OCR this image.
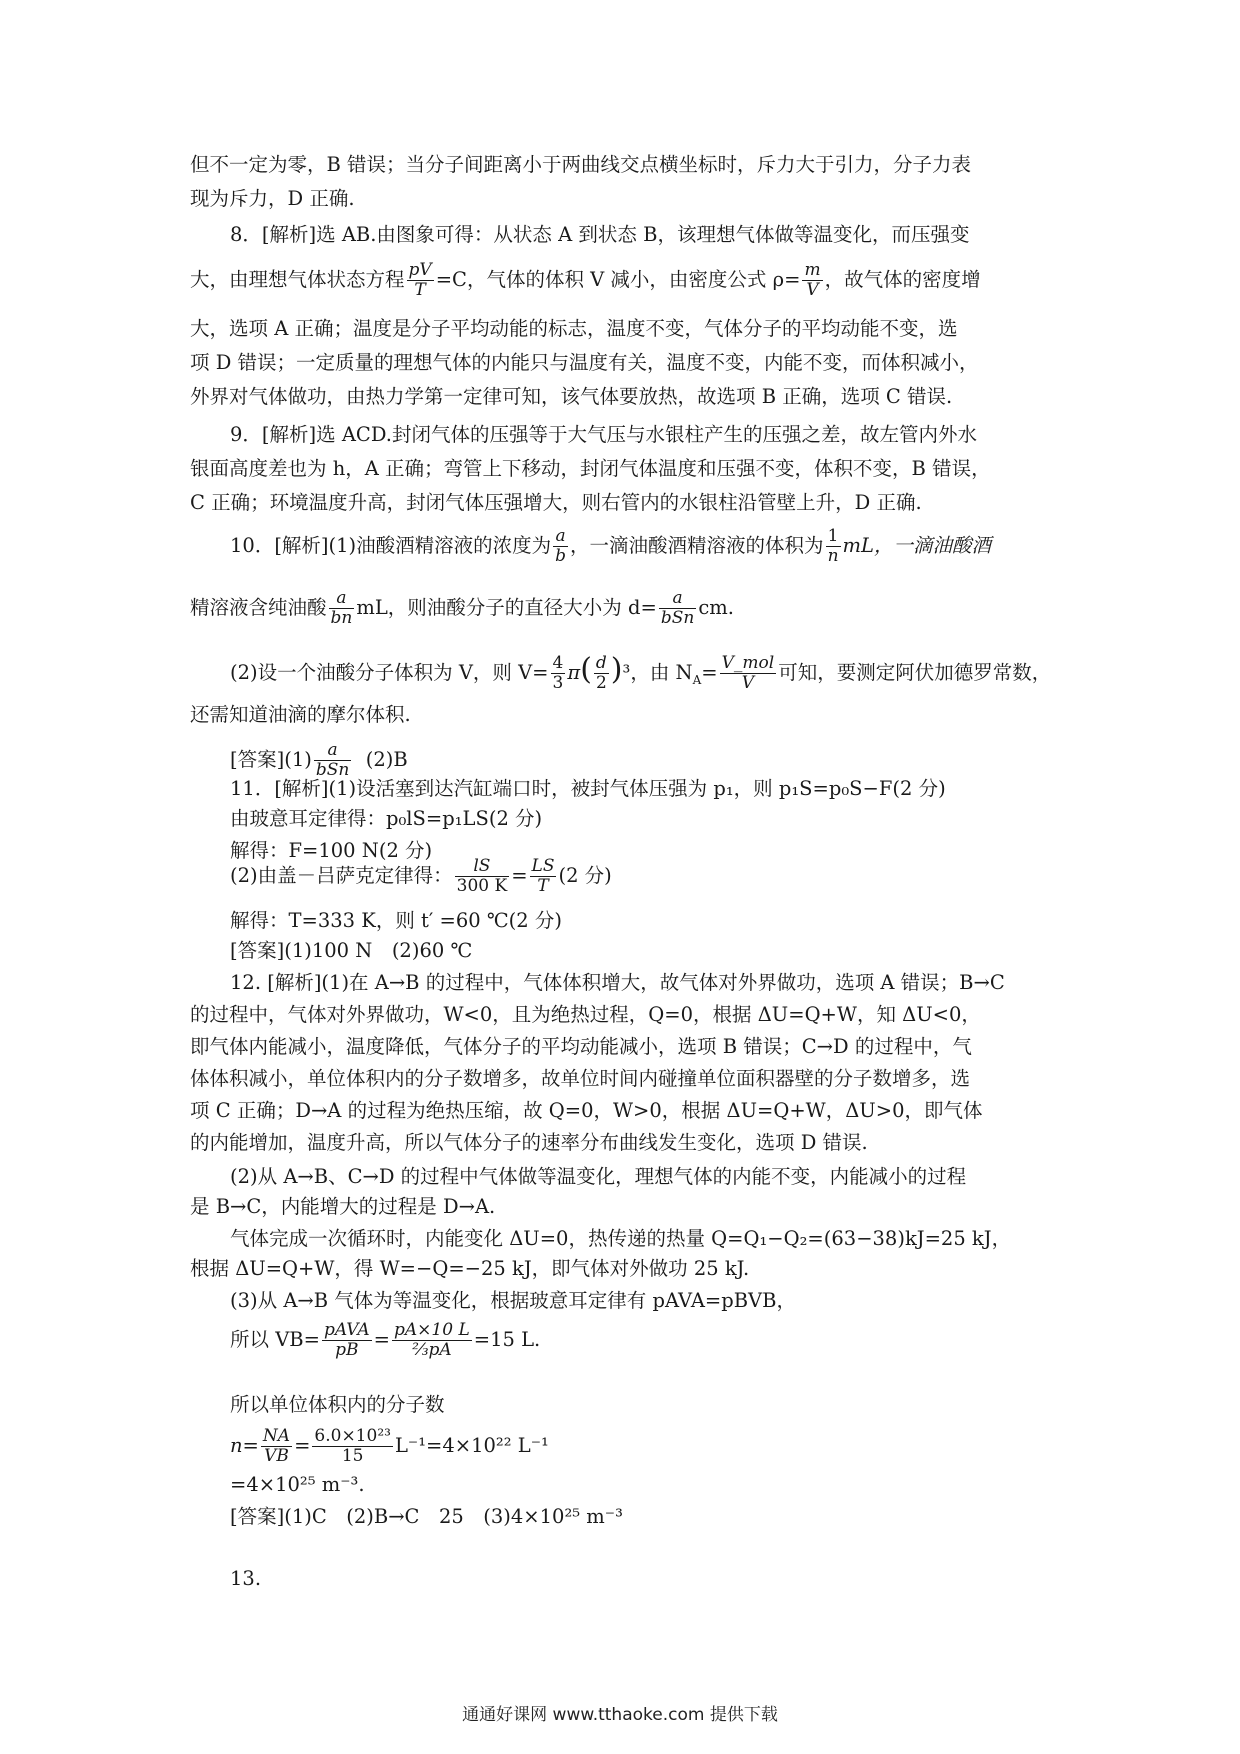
但不一定为零，B 错误；当分子间距离小于两曲线交点横坐标时，斥力大于引力，分子力表
现为斥力，D 正确.
8．[解析]选 AB.由图象可得：从状态 A 到状态 B，该理想气体做等温变化，而压强变
大，由理想气体状态方程 $\frac{pV}{T} =C$，气体的体积 V 减小，由密度公式 $\rho= \frac{m}{V}$ ，故气体的密度增
大，选项 A 正确；温度是分子平均动能的标志，温度不变，气体分子的平均动能不变，选
项 D 错误；一定质量的理想气体的内能只与温度有关，温度不变，内能不变，而体积减小，
外界对气体做功，由热力学第一定律可知，该气体要放热，故选项 B 正确，选项 C 错误.
9．[解析]选 ACD.封闭气体的压强等于大气压与水银柱产生的压强之差，故左管内外水
银面高度差也为 h，A 正确；弯管上下移动，封闭气体温度和压强不变，体积不变，B 错误，
C 正确；环境温度升高，封闭气体压强增大，则右管内的水银柱沿管壁上升，D 正确.
10．[解析](1)油酸酒精溶液的浓度为 $\frac{a}{b}$ ，一滴油酸酒精溶液的体积为 $\frac{1}{n}$ mL，一滴油酸酒
精溶液含纯油酸 $\frac{a}{bn}$ mL，则油酸分子的直径大小为 $d= \frac{a}{\text{bSn}}$ cm.
(2)设一个油酸分子体积为 V，则 $V= \frac{4}{3} \pi( \frac{d}{2} )^3$，由 $N_A= \frac{\text{V\_mol}}{V}$ 可知，要测定阿伏加德罗常数，
还需知道油滴的摩尔体积.
[答案]$(1) \frac{a}{\text{bSn}} (2)B$
11．[解析](1)设活塞到达汽缸端口时，被封气体压强为 p₁，则 p₁S=p₀S−F(2 分)
由玻意耳定律得：p₀lS=p₁LS(2 分)
解得：F=100 N(2 分)
(2)由盖－吕萨克定律得： $\frac{lS}{300 K} = \frac{LS}{T} (2$ 分)
解得：T=333 K，则 t′ =60 ℃(2 分)
[答案](1)100 N　(2)60 ℃
12. [解析](1)在 A→B 的过程中，气体体积增大，故气体对外界做功，选项 A 错误；B→C
的过程中，气体对外界做功，W<0，且为绝热过程，Q=0，根据 ΔU=Q+W，知 ΔU<0，
即气体内能减小，温度降低，气体分子的平均动能减小，选项 B 错误；C→D 的过程中，气
体体积减小，单位体积内的分子数增多，故单位时间内碰撞单位面积器壁的分子数增多，选
项 C 正确；D→A 的过程为绝热压缩，故 Q=0，W>0，根据 ΔU=Q+W，ΔU>0，即气体
的内能增加，温度升高，所以气体分子的速率分布曲线发生变化，选项 D 错误.
(2)从 A→B、C→D 的过程中气体做等温变化，理想气体的内能不变，内能减小的过程
是 B→C，内能增大的过程是 D→A.
气体完成一次循环时，内能变化 ΔU=0，热传递的热量 Q=Q₁−Q₂=(63−38)kJ=25 kJ，
根据 ΔU=Q+W，得 W=−Q=−25 kJ，即气体对外做功 25 kJ.
(3)从 A→B 气体为等温变化，根据玻意耳定律有 pAVA=pBVB，
所以 $VB= \frac{\text{pAVA}}{pB} = \frac{pA\times 10 L}{\text{⅔pA}} =15$ L.
所以单位体积内的分子数
$n= \frac{NA}{VB} = \frac{\text{6.0×10²³}}{15} L^{-1}=4\times 10^{22}$ L⁻¹
=4×10²⁵ m⁻³.
[答案](1)C　(2)B→C　25　(3)4×10²⁵ m⁻³
13.
通通好课网 www.tthaoke.com 提供下载
